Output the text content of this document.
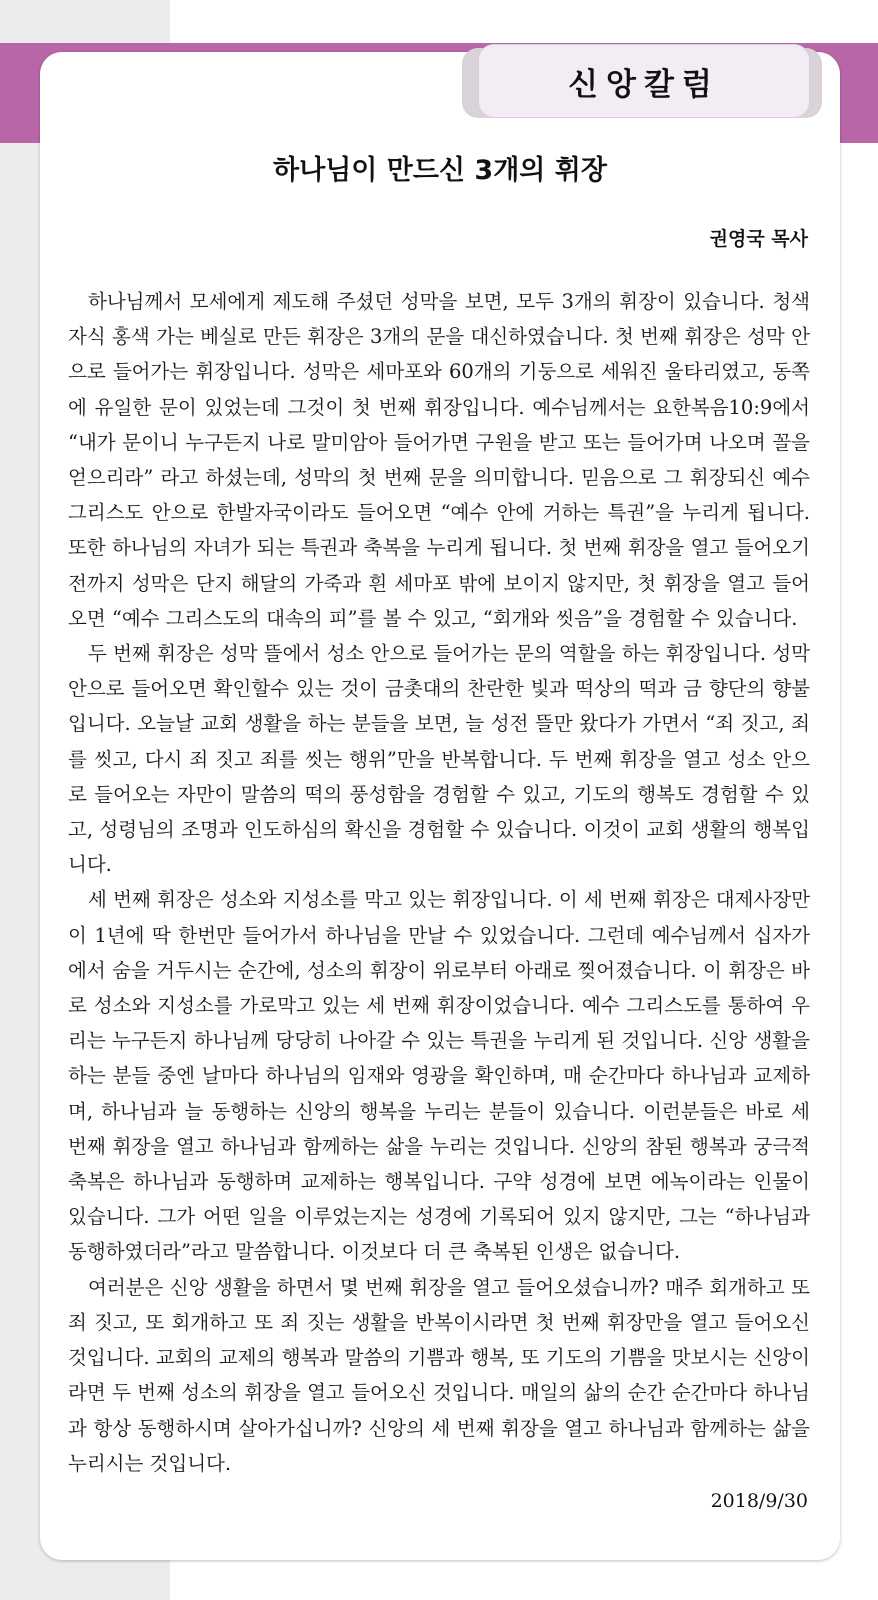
신앙칼럼
하나님이 만드신 3개의 휘장
권영국 목사

하나님께서 모세에게 제도해 주셨던 성막을 보면, 모두 3개의 휘장이 있습니다. 청색 자식 홍색 가는 베실로 만든 휘장은 3개의 문을 대신하였습니다. 첫 번째 휘장은 성막 안으로 들어가는 휘장입니다. 성막은 세마포와 60개의 기둥으로 세워진 울타리였고, 동쪽에 유일한 문이 있었는데 그것이 첫 번째 휘장입니다. 예수님께서는 요한복음10:9에서 “내가 문이니 누구든지 나로 말미암아 들어가면 구원을 받고 또는 들어가며 나오며 꼴을 얻으리라” 라고 하셨는데, 성막의 첫 번째 문을 의미합니다. 믿음으로 그 휘장되신 예수 그리스도 안으로 한발자국이라도 들어오면 “예수 안에 거하는 특권”을 누리게 됩니다. 또한 하나님의 자녀가 되는 특권과 축복을 누리게 됩니다. 첫 번째 휘장을 열고 들어오기 전까지 성막은 단지 해달의 가죽과 흰 세마포 밖에 보이지 않지만, 첫 휘장을 열고 들어오면 “예수 그리스도의 대속의 피”를 볼 수 있고, “회개와 씻음”을 경험할 수 있습니다.

두 번째 휘장은 성막 뜰에서 성소 안으로 들어가는 문의 역할을 하는 휘장입니다. 성막 안으로 들어오면 확인할수 있는 것이 금촛대의 찬란한 빛과 떡상의 떡과 금 향단의 향불입니다. 오늘날 교회 생활을 하는 분들을 보면, 늘 성전 뜰만 왔다가 가면서 “죄 짓고, 죄를 씻고, 다시 죄 짓고 죄를 씻는 행위”만을 반복합니다. 두 번째 휘장을 열고 성소 안으로 들어오는 자만이 말씀의 떡의 풍성함을 경험할 수 있고, 기도의 행복도 경험할 수 있고, 성령님의 조명과 인도하심의 확신을 경험할 수 있습니다. 이것이 교회 생활의 행복입니다.

세 번째 휘장은 성소와 지성소를 막고 있는 휘장입니다. 이 세 번째 휘장은 대제사장만이 1년에 딱 한번만 들어가서 하나님을 만날 수 있었습니다. 그런데 예수님께서 십자가에서 숨을 거두시는 순간에, 성소의 휘장이 위로부터 아래로 찢어졌습니다. 이 휘장은 바로 성소와 지성소를 가로막고 있는 세 번째 휘장이었습니다. 예수 그리스도를 통하여 우리는 누구든지 하나님께 당당히 나아갈 수 있는 특권을 누리게 된 것입니다. 신앙 생활을 하는 분들 중엔 날마다 하나님의 임재와 영광을 확인하며, 매 순간마다 하나님과 교제하며, 하나님과 늘 동행하는 신앙의 행복을 누리는 분들이 있습니다. 이런분들은 바로 세 번째 휘장을 열고 하나님과 함께하는 삶을 누리는 것입니다. 신앙의 참된 행복과 궁극적 축복은 하나님과 동행하며 교제하는 행복입니다. 구약 성경에 보면 에녹이라는 인물이 있습니다. 그가 어떤 일을 이루었는지는 성경에 기록되어 있지 않지만, 그는 “하나님과 동행하였더라”라고 말씀합니다. 이것보다 더 큰 축복된 인생은 없습니다.

여러분은 신앙 생활을 하면서 몇 번째 휘장을 열고 들어오셨습니까? 매주 회개하고 또 죄 짓고, 또 회개하고 또 죄 짓는 생활을 반복이시라면 첫 번째 휘장만을 열고 들어오신 것입니다. 교회의 교제의 행복과 말씀의 기쁨과 행복, 또 기도의 기쁨을 맛보시는 신앙이라면 두 번째 성소의 휘장을 열고 들어오신 것입니다. 매일의 삶의 순간 순간마다 하나님과 항상 동행하시며 살아가십니까? 신앙의 세 번째 휘장을 열고 하나님과 함께하는 삶을 누리시는 것입니다.

2018/9/30
